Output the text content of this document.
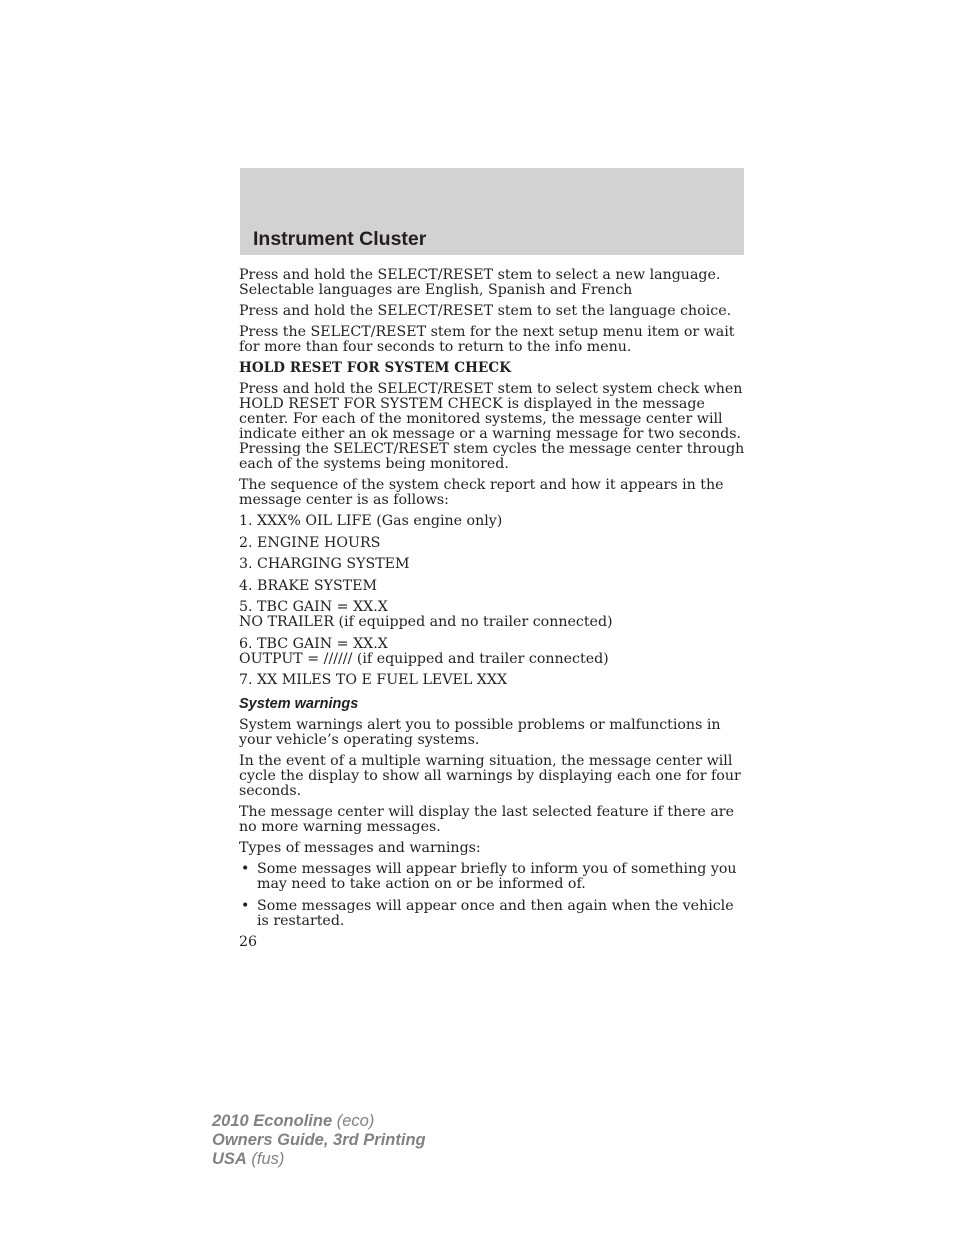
Instrument Cluster

Press and hold the SELECT/RESET stem to select a new language. Selectable languages are English, Spanish and French

Press and hold the SELECT/RESET stem to set the language choice.

Press the SELECT/RESET stem for the next setup menu item or wait for more than four seconds to return to the info menu.

HOLD RESET FOR SYSTEM CHECK

Press and hold the SELECT/RESET stem to select system check when HOLD RESET FOR SYSTEM CHECK is displayed in the message center. For each of the monitored systems, the message center will indicate either an ok message or a warning message for two seconds. Pressing the SELECT/RESET stem cycles the message center through each of the systems being monitored.

The sequence of the system check report and how it appears in the message center is as follows:

1. XXX% OIL LIFE (Gas engine only)
2. ENGINE HOURS
3. CHARGING SYSTEM
4. BRAKE SYSTEM
5. TBC GAIN = XX.X
NO TRAILER (if equipped and no trailer connected)
6. TBC GAIN = XX.X
OUTPUT = ////// (if equipped and trailer connected)
7. XX MILES TO E FUEL LEVEL XXX
System warnings

System warnings alert you to possible problems or malfunctions in your vehicle’s operating systems.

In the event of a multiple warning situation, the message center will cycle the display to show all warnings by displaying each one for four seconds.

The message center will display the last selected feature if there are no more warning messages.

Types of messages and warnings:

• Some messages will appear briefly to inform you of something you may need to take action on or be informed of.
• Some messages will appear once and then again when the vehicle is restarted.
26
2010 Econoline (eco)
Owners Guide, 3rd Printing
USA (fus)
